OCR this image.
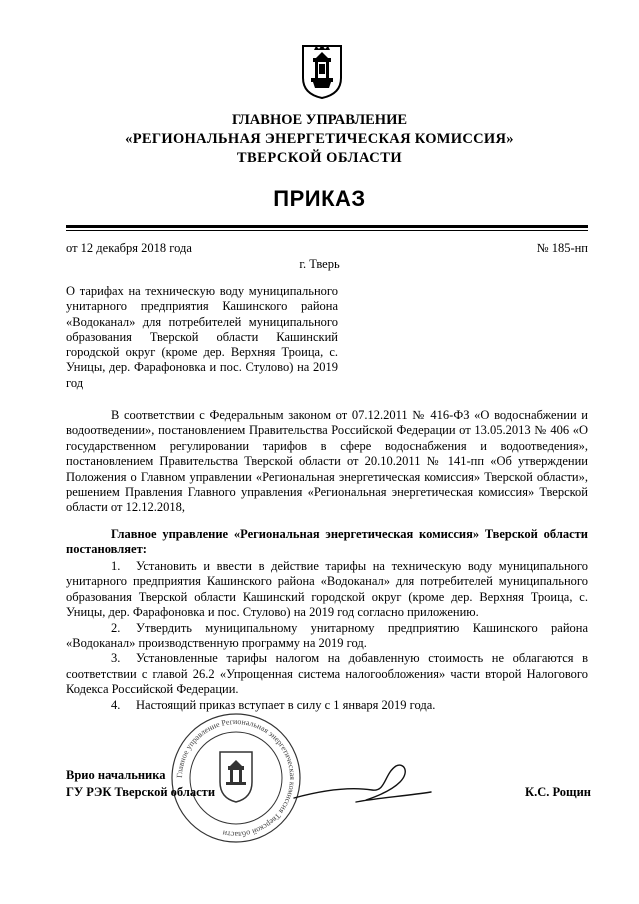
ГЛАВНОЕ УПРАВЛЕНИЕ
«РЕГИОНАЛЬНАЯ ЭНЕРГЕТИЧЕСКАЯ КОМИССИЯ»
ТВЕРСКОЙ ОБЛАСТИ
ПРИКАЗ
от 12 декабря 2018 года	№ 185-нп
г. Тверь
О тарифах на техническую воду муниципального унитарного предприятия Кашинского района «Водоканал» для потребителей муниципального образования Тверской области Кашинский городской округ (кроме дер. Верхняя Троица, с. Уницы, дер. Фарафоновка и пос. Стулово) на 2019 год

В соответствии с Федеральным законом от 07.12.2011 № 416-ФЗ «О водоснабжении и водоотведении», постановлением Правительства Российской Федерации от 13.05.2013 № 406 «О государственном регулировании тарифов в сфере водоснабжения и водоотведения», постановлением Правительства Тверской области от 20.10.2011 № 141-пп «Об утверждении Положения о Главном управлении «Региональная энергетическая комиссия» Тверской области», решением Правления Главного управления «Региональная энергетическая комиссия» Тверской области от 12.12.2018,

Главное управление «Региональная энергетическая комиссия» Тверской области постановляет:

1. Установить и ввести в действие тарифы на техническую воду муниципального унитарного предприятия Кашинского района «Водоканал» для потребителей муниципального образования Тверской области Кашинский городской округ (кроме дер. Верхняя Троица, с. Уницы, дер. Фарафоновка и пос. Стулово) на 2019 год согласно приложению.

2. Утвердить муниципальному унитарному предприятию Кашинского района «Водоканал» производственную программу на 2019 год.

3. Установленные тарифы налогом на добавленную стоимость не облагаются в соответствии с главой 26.2 «Упрощенная система налогообложения» части второй Налогового Кодекса Российской Федерации.

4. Настоящий приказ вступает в силу с 1 января 2019 года.

Главное управление Региональная энергетическая комиссия Тверской области
Врио начальника
ГУ РЭК Тверской области	К.С. Рощин
